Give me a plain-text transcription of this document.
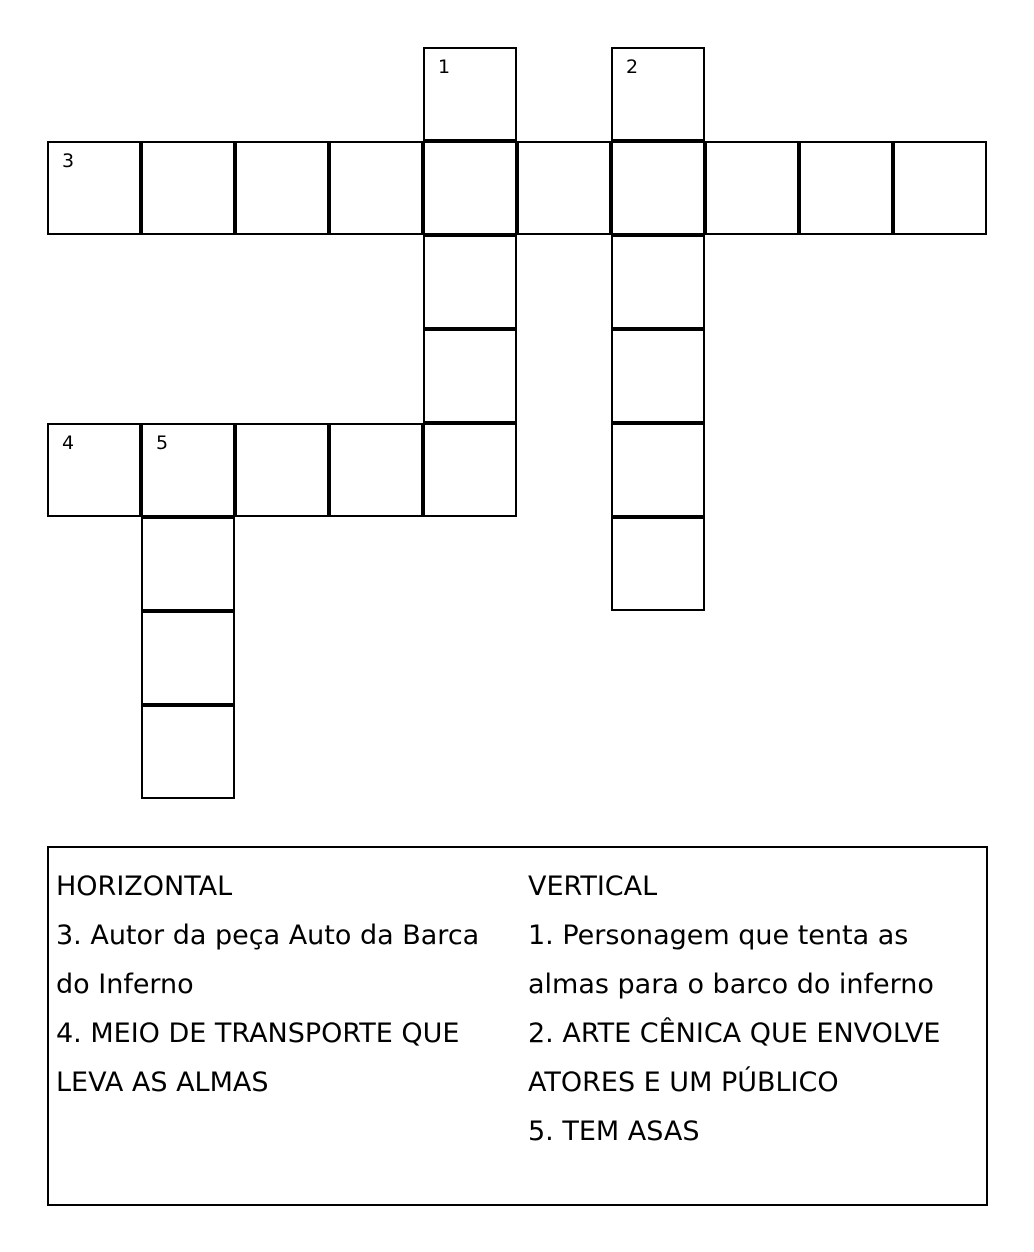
1	2
3
4	5
HORIZONTAL
3. Autor da peça Auto da Barca do Inferno
4. MEIO DE TRANSPORTE QUE LEVA AS ALMAS
VERTICAL
1. Personagem que tenta as almas para o barco do inferno
2. ARTE CÊNICA QUE ENVOLVE ATORES E UM PÚBLICO
5. TEM ASAS
